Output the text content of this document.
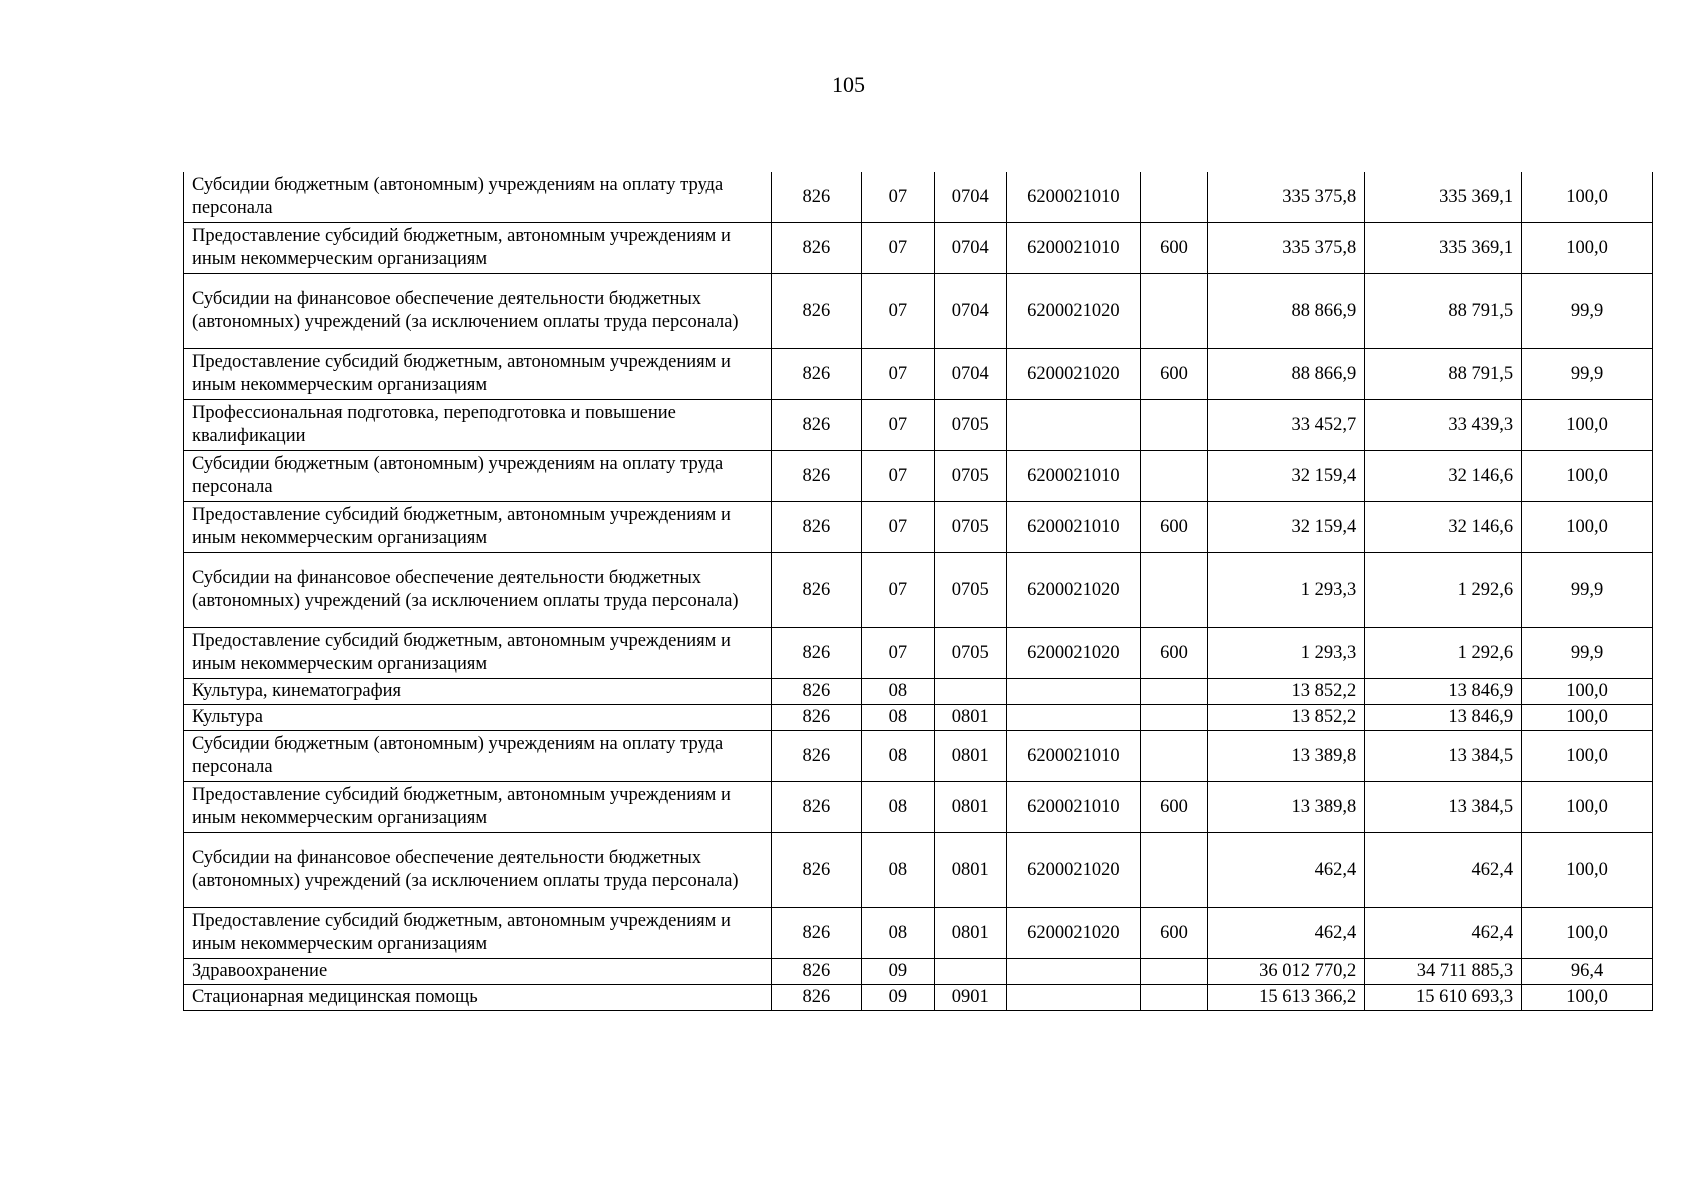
105
Субсидии бюджетным (автономным) учреждениям на оплату труда персонала	826	07	0704	6200021010		335 375,8	335 369,1	100,0
Предоставление субсидий бюджетным, автономным учреждениям и иным некоммерческим организациям	826	07	0704	6200021010	600	335 375,8	335 369,1	100,0
Субсидии на финансовое обеспечение деятельности бюджетных (автономных) учреждений (за исключением оплаты труда персонала)	826	07	0704	6200021020		88 866,9	88 791,5	99,9
Предоставление субсидий бюджетным, автономным учреждениям и иным некоммерческим организациям	826	07	0704	6200021020	600	88 866,9	88 791,5	99,9
Профессиональная подготовка, переподготовка и повышение квалификации	826	07	0705			33 452,7	33 439,3	100,0
Субсидии бюджетным (автономным) учреждениям на оплату труда персонала	826	07	0705	6200021010		32 159,4	32 146,6	100,0
Предоставление субсидий бюджетным, автономным учреждениям и иным некоммерческим организациям	826	07	0705	6200021010	600	32 159,4	32 146,6	100,0
Субсидии на финансовое обеспечение деятельности бюджетных (автономных) учреждений (за исключением оплаты труда персонала)	826	07	0705	6200021020		1 293,3	1 292,6	99,9
Предоставление субсидий бюджетным, автономным учреждениям и иным некоммерческим организациям	826	07	0705	6200021020	600	1 293,3	1 292,6	99,9
Культура, кинематография	826	08				13 852,2	13 846,9	100,0
Культура	826	08	0801			13 852,2	13 846,9	100,0
Субсидии бюджетным (автономным) учреждениям на оплату труда персонала	826	08	0801	6200021010		13 389,8	13 384,5	100,0
Предоставление субсидий бюджетным, автономным учреждениям и иным некоммерческим организациям	826	08	0801	6200021010	600	13 389,8	13 384,5	100,0
Субсидии на финансовое обеспечение деятельности бюджетных (автономных) учреждений (за исключением оплаты труда персонала)	826	08	0801	6200021020		462,4	462,4	100,0
Предоставление субсидий бюджетным, автономным учреждениям и иным некоммерческим организациям	826	08	0801	6200021020	600	462,4	462,4	100,0
Здравоохранение	826	09				36 012 770,2	34 711 885,3	96,4
Стационарная медицинская помощь	826	09	0901			15 613 366,2	15 610 693,3	100,0
